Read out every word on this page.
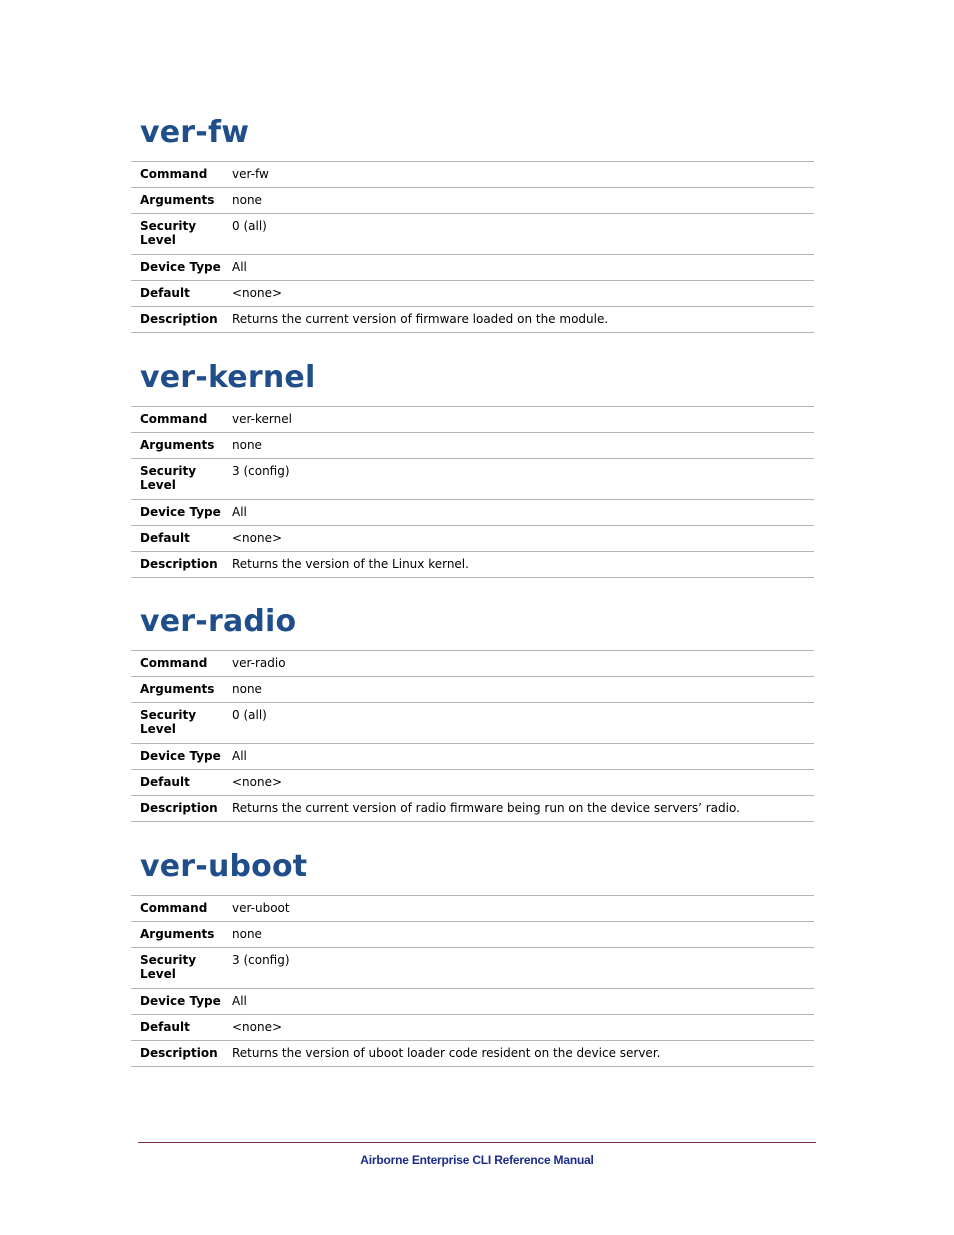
ver-fw
Command	ver-fw
Arguments	none
Security Level	0 (all)
Device Type	All
Default	<none>
Description	Returns the current version of firmware loaded on the module.
ver-kernel
Command	ver-kernel
Arguments	none
Security Level	3 (config)
Device Type	All
Default	<none>
Description	Returns the version of the Linux kernel.
ver-radio
Command	ver-radio
Arguments	none
Security Level	0 (all)
Device Type	All
Default	<none>
Description	Returns the current version of radio firmware being run on the device servers’ radio.
ver-uboot
Command	ver-uboot
Arguments	none
Security Level	3 (config)
Device Type	All
Default	<none>
Description	Returns the version of uboot loader code resident on the device server.
Airborne Enterprise CLI Reference Manual
